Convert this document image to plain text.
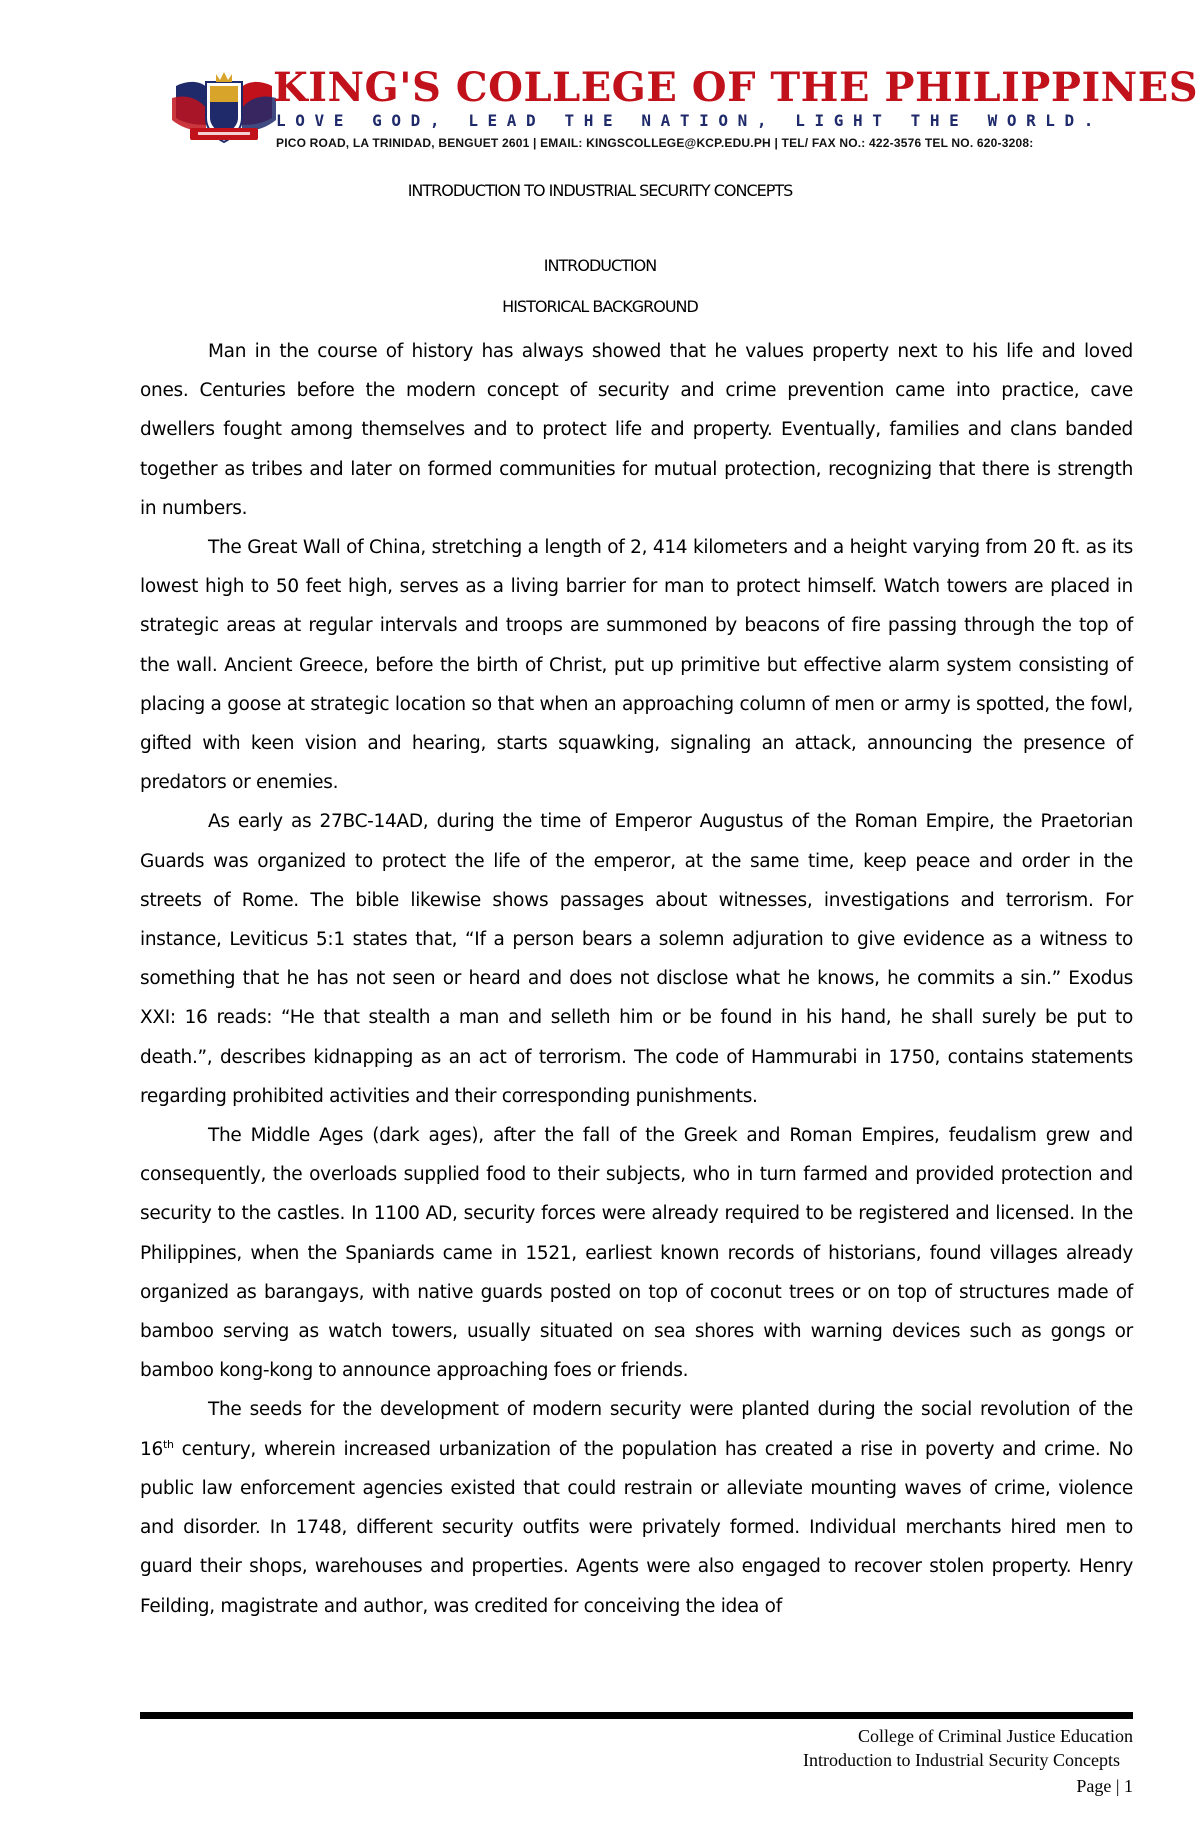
KING'S COLLEGE OF THE PHILIPPINES
LOVE GOD, LEAD THE NATION, LIGHT THE WORLD.
PICO ROAD, LA TRINIDAD, BENGUET 2601 | EMAIL: KINGSCOLLEGE@KCP.EDU.PH | TEL/ FAX NO.: 422-3576 TEL NO. 620-3208:
INTRODUCTION TO INDUSTRIAL SECURITY CONCEPTS
INTRODUCTION
HISTORICAL BACKGROUND

Man in the course of history has always showed that he values property next to his life and loved ones. Centuries before the modern concept of security and crime prevention came into practice, cave dwellers fought among themselves and to protect life and property. Eventually, families and clans banded together as tribes and later on formed communities for mutual protection, recognizing that there is strength in numbers.

The Great Wall of China, stretching a length of 2, 414 kilometers and a height varying from 20 ft. as its lowest high to 50 feet high, serves as a living barrier for man to protect himself. Watch towers are placed in strategic areas at regular intervals and troops are summoned by beacons of fire passing through the top of the wall. Ancient Greece, before the birth of Christ, put up primitive but effective alarm system consisting of placing a goose at strategic location so that when an approaching column of men or army is spotted, the fowl, gifted with keen vision and hearing, starts squawking, signaling an attack, announcing the presence of predators or enemies.

As early as 27BC-14AD, during the time of Emperor Augustus of the Roman Empire, the Praetorian Guards was organized to protect the life of the emperor, at the same time, keep peace and order in the streets of Rome. The bible likewise shows passages about witnesses, investigations and terrorism. For instance, Leviticus 5:1 states that, “If a person bears a solemn adjuration to give evidence as a witness to something that he has not seen or heard and does not disclose what he knows, he commits a sin.” Exodus XXI: 16 reads: “He that stealth a man and selleth him or be found in his hand, he shall surely be put to death.”, describes kidnapping as an act of terrorism. The code of Hammurabi in 1750, contains statements regarding prohibited activities and their corresponding punishments.

The Middle Ages (dark ages), after the fall of the Greek and Roman Empires, feudalism grew and consequently, the overloads supplied food to their subjects, who in turn farmed and provided protection and security to the castles. In 1100 AD, security forces were already required to be registered and licensed. In the Philippines, when the Spaniards came in 1521, earliest known records of historians, found villages already organized as barangays, with native guards posted on top of coconut trees or on top of structures made of bamboo serving as watch towers, usually situated on sea shores with warning devices such as gongs or bamboo kong-kong to announce approaching foes or friends.

The seeds for the development of modern security were planted during the social revolution of the 16th century, wherein increased urbanization of the population has created a rise in poverty and crime. No public law enforcement agencies existed that could restrain or alleviate mounting waves of crime, violence and disorder. In 1748, different security outfits were privately formed. Individual merchants hired men to guard their shops, warehouses and properties. Agents were also engaged to recover stolen property. Henry Feilding, magistrate and author, was credited for conceiving the idea of

College of Criminal Justice Education
Introduction to Industrial Security Concepts
Page | 1
